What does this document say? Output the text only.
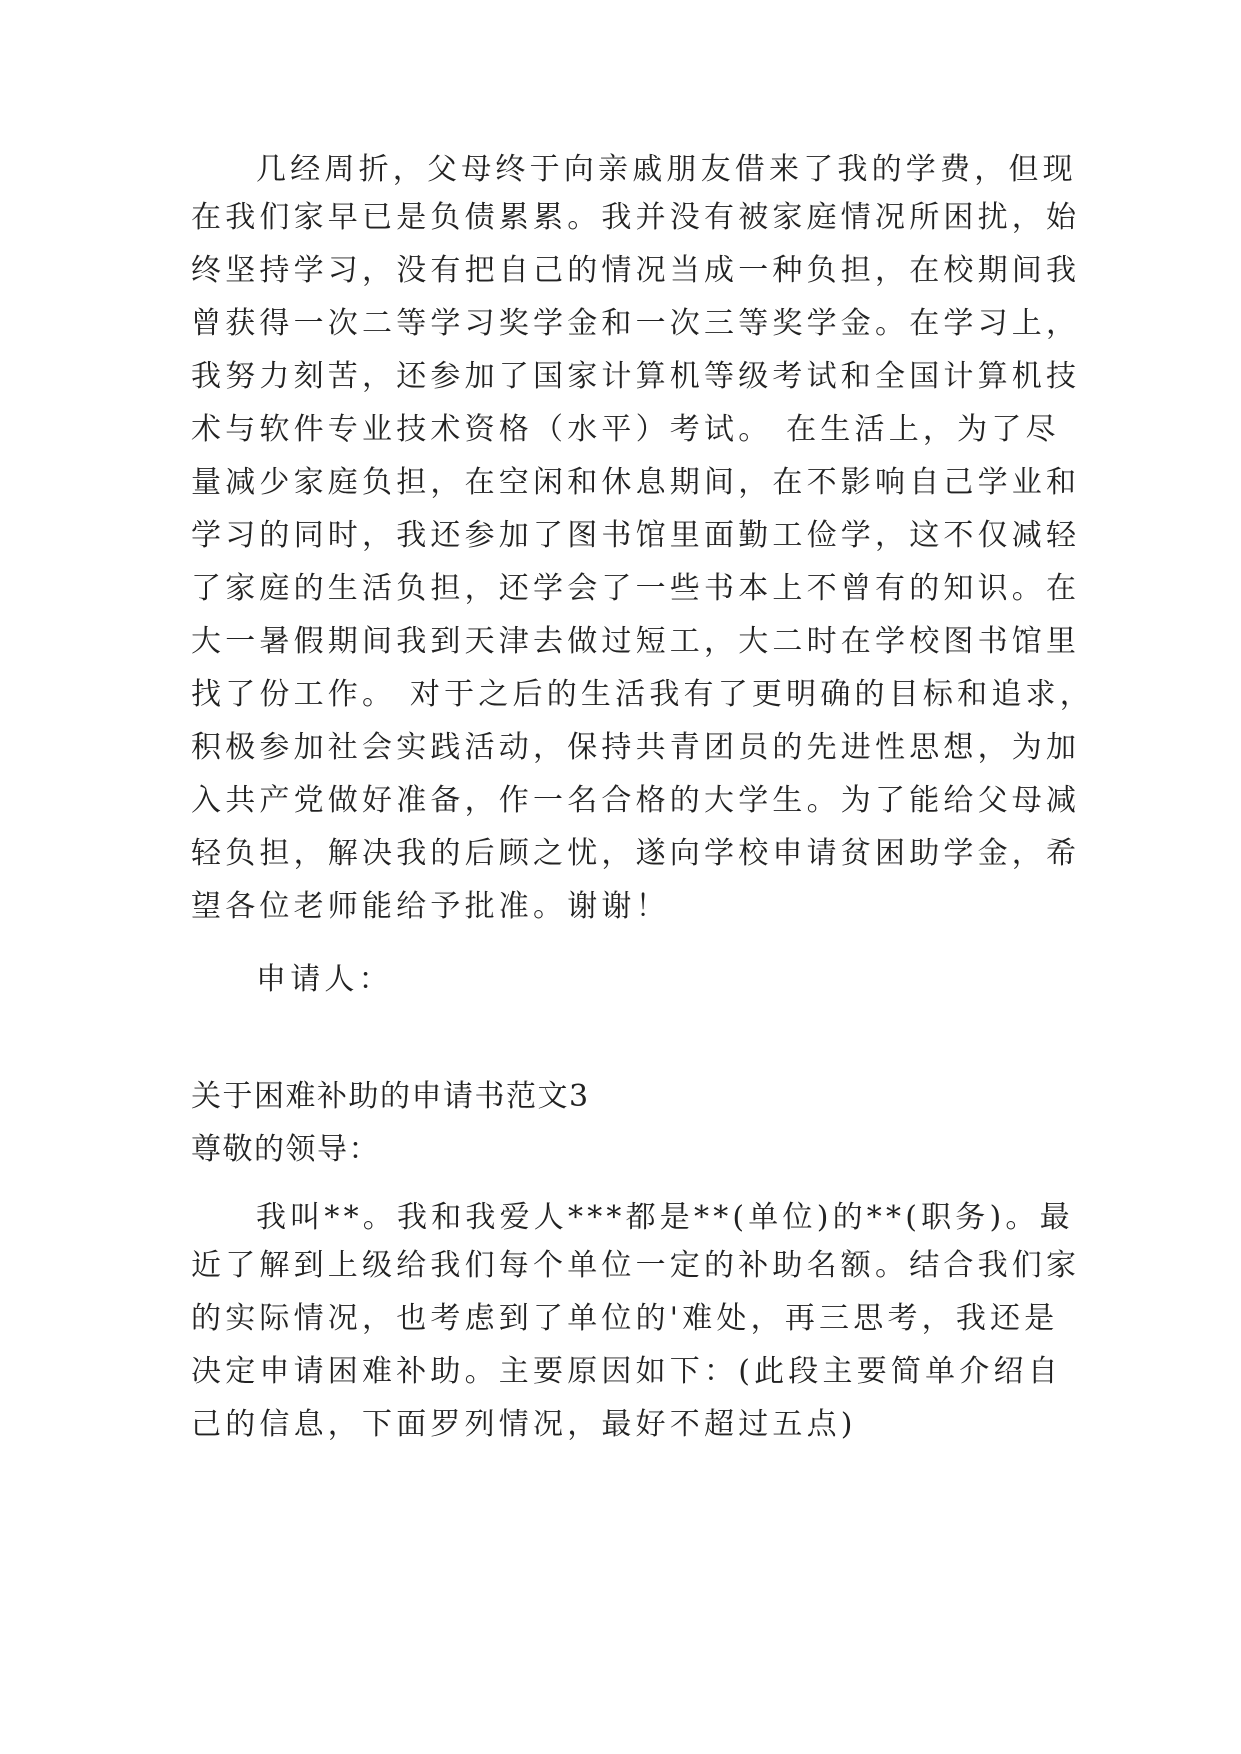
几经周折，父母终于向亲戚朋友借来了我的学费，但现
在我们家早已是负债累累。我并没有被家庭情况所困扰，始
终坚持学习，没有把自己的情况当成一种负担，在校期间我
曾获得一次二等学习奖学金和一次三等奖学金。在学习上，
我努力刻苦，还参加了国家计算机等级考试和全国计算机技
术与软件专业技术资格（水平）考试。 在生活上，为了尽
量减少家庭负担，在空闲和休息期间，在不影响自己学业和
学习的同时，我还参加了图书馆里面勤工俭学，这不仅减轻
了家庭的生活负担，还学会了一些书本上不曾有的知识。在
大一暑假期间我到天津去做过短工，大二时在学校图书馆里
找了份工作。 对于之后的生活我有了更明确的目标和追求，
积极参加社会实践活动，保持共青团员的先进性思想，为加
入共产党做好准备，作一名合格的大学生。为了能给父母减
轻负担，解决我的后顾之忧，遂向学校申请贫困助学金，希
望各位老师能给予批准。谢谢！
申请人：
关于困难补助的申请书范文3
尊敬的领导：
我叫**。我和我爱人***都是**(单位)的**(职务)。最
近了解到上级给我们每个单位一定的补助名额。结合我们家
的实际情况，也考虑到了单位的'难处，再三思考，我还是
决定申请困难补助。主要原因如下：(此段主要简单介绍自
己的信息，下面罗列情况，最好不超过五点)
